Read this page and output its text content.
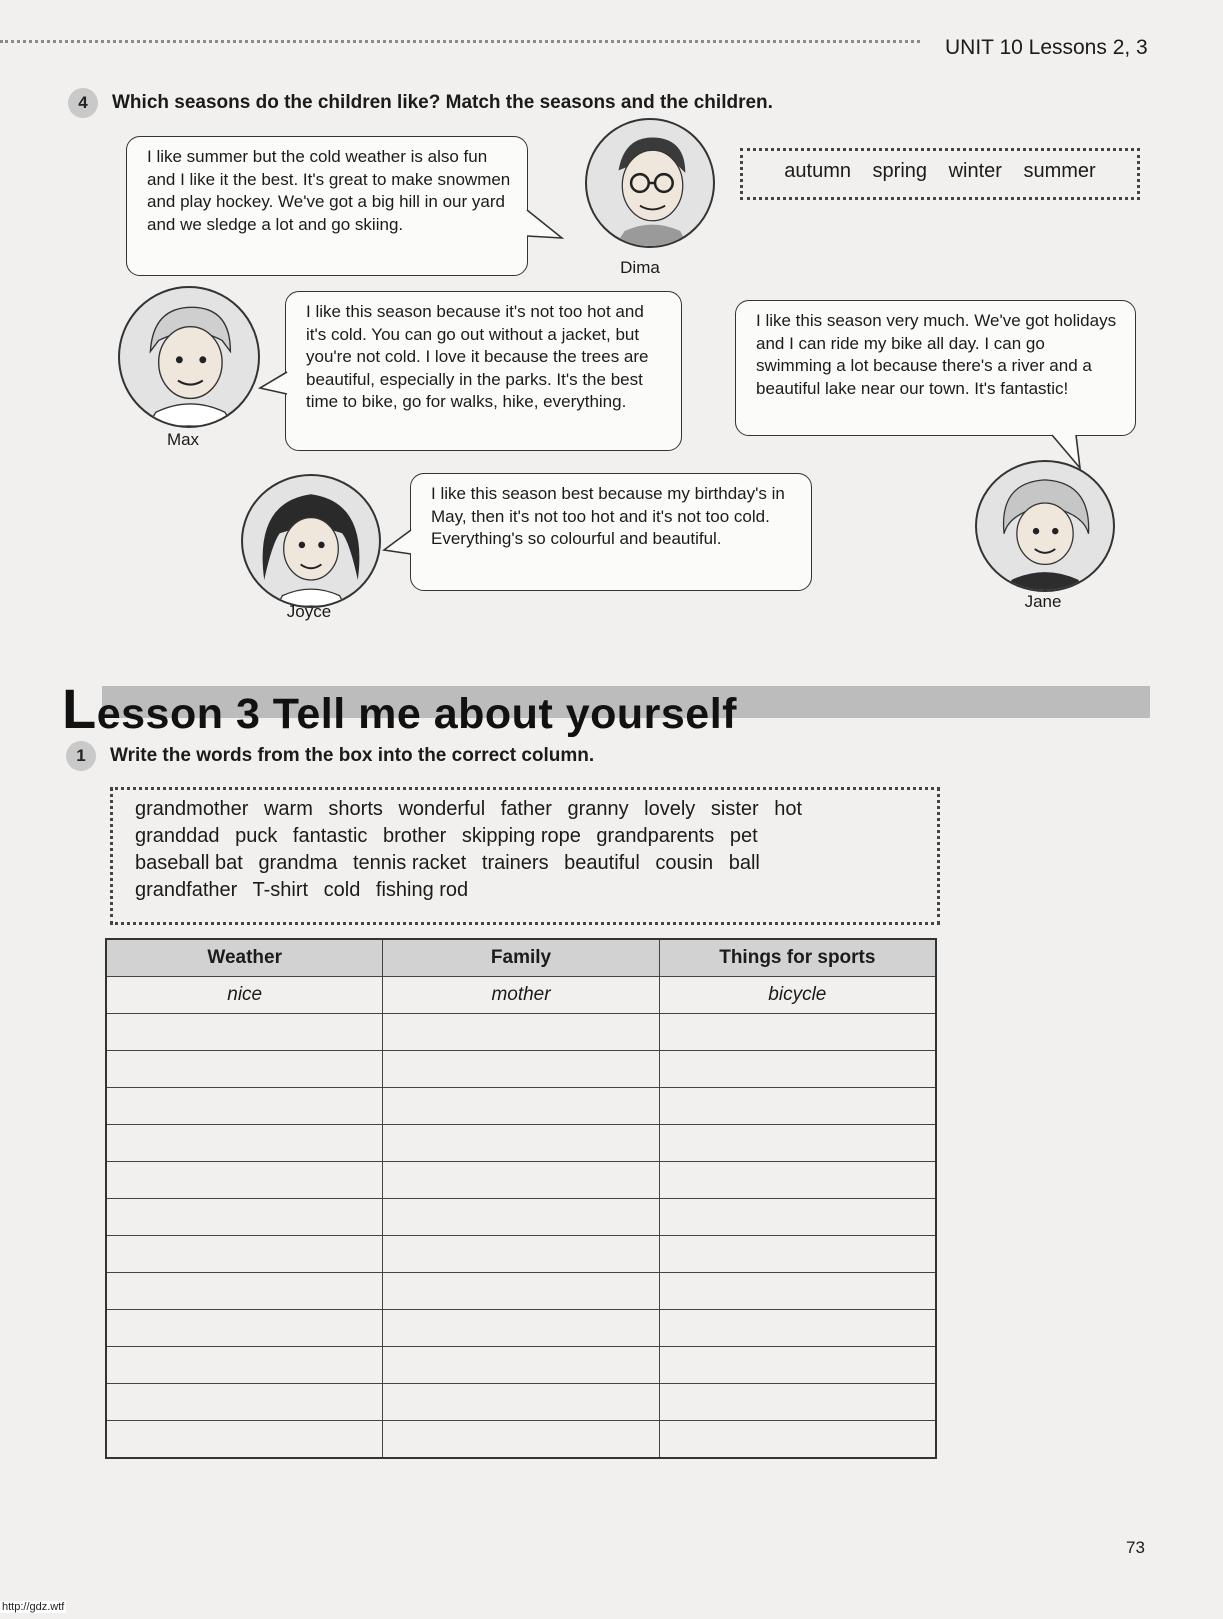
UNIT 10 Lessons 2, 3
4	Which seasons do the children like? Match the seasons and the children.
I like summer but the cold weather is also fun and I like it the best. It's great to make snowmen and play hockey. We've got a big hill in our yard and we sledge a lot and go skiing.
Dima
autumn spring winter summer
Max
I like this season because it's not too hot and it's cold. You can go out without a jacket, but you're not cold. I love it because the trees are beautiful, especially in the parks. It's the best time to bike, go for walks, hike, everything.
I like this season very much. We've got holidays and I can ride my bike all day. I can go swimming a lot because there's a river and a beautiful lake near our town. It's fantastic!
Jane
Joyce
I like this season best because my birthday's in May, then it's not too hot and it's not too cold. Everything's so colourful and beautiful.
Lesson 3 Tell me about yourself
1	Write the words from the box into the correct column.
grandmother warm shorts wonderful father granny lovely sister hot
granddad puck fantastic brother skipping rope grandparents pet
baseball bat grandma tennis racket trainers beautiful cousin ball
grandfather T-shirt cold fishing rod
Weather	Family	Things for sports
nice	mother	bicycle

73
http://gdz.wtf
